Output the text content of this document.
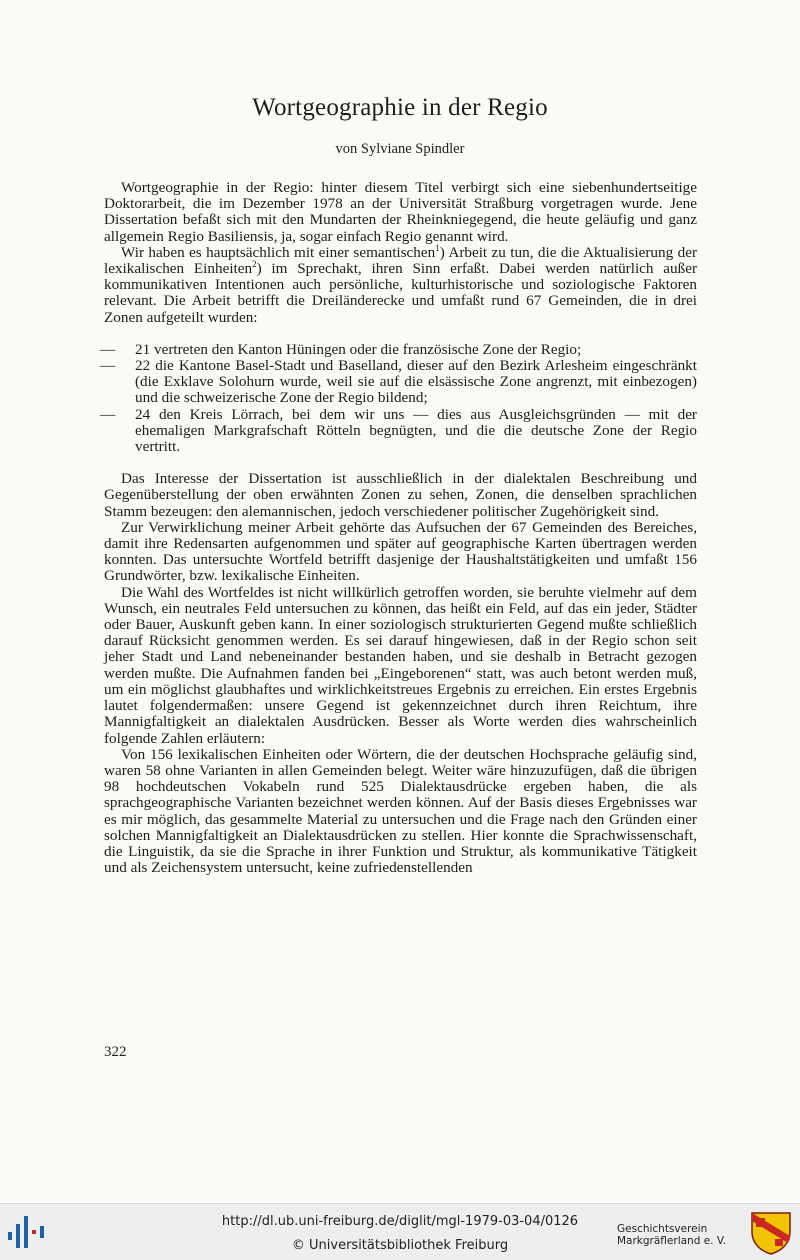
Wortgeographie in der Regio

von Sylviane Spindler

Wortgeographie in der Regio: hinter diesem Titel verbirgt sich eine siebenhundertseitige Doktorarbeit, die im Dezember 1978 an der Universität Straßburg vorgetragen wurde. Jene Dissertation befaßt sich mit den Mundarten der Rheinkniegegend, die heute geläufig und ganz allgemein Regio Basiliensis, ja, sogar einfach Regio genannt wird.

Wir haben es hauptsächlich mit einer semantischen$^1$) Arbeit zu tun, die die Aktualisierung der lexikalischen Einheiten$^2$) im Sprechakt, ihren Sinn erfaßt. Dabei werden natürlich außer kommunikativen Intentionen auch persönliche, kulturhistorische und soziologische Faktoren relevant. Die Arbeit betrifft die Dreiländerecke und umfaßt rund 67 Gemeinden, die in drei Zonen aufgeteilt wurden:

— 21 vertreten den Kanton Hüningen oder die französische Zone der Regio;
— 22 die Kantone Basel-Stadt und Baselland, dieser auf den Bezirk Arlesheim eingeschränkt (die Exklave Solohurn wurde, weil sie auf die elsässische Zone angrenzt, mit einbezogen) und die schweizerische Zone der Regio bildend;
— 24 den Kreis Lörrach, bei dem wir uns — dies aus Ausgleichsgründen — mit der ehemaligen Markgrafschaft Rötteln begnügten, und die die deutsche Zone der Regio vertritt.

Das Interesse der Dissertation ist ausschließlich in der dialektalen Beschreibung und Gegenüberstellung der oben erwähnten Zonen zu sehen, Zonen, die denselben sprachlichen Stamm bezeugen: den alemannischen, jedoch verschiedener politischer Zugehörigkeit sind.

Zur Verwirklichung meiner Arbeit gehörte das Aufsuchen der 67 Gemeinden des Bereiches, damit ihre Redensarten aufgenommen und später auf geographische Karten übertragen werden konnten. Das untersuchte Wortfeld betrifft dasjenige der Haushaltstätigkeiten und umfaßt 156 Grundwörter, bzw. lexikalische Einheiten.

Die Wahl des Wortfeldes ist nicht willkürlich getroffen worden, sie beruhte vielmehr auf dem Wunsch, ein neutrales Feld untersuchen zu können, das heißt ein Feld, auf das ein jeder, Städter oder Bauer, Auskunft geben kann. In einer soziologisch strukturierten Gegend mußte schließlich darauf Rücksicht genommen werden. Es sei darauf hingewiesen, daß in der Regio schon seit jeher Stadt und Land nebeneinander bestanden haben, und sie deshalb in Betracht gezogen werden mußte. Die Aufnahmen fanden bei „Eingeborenen“ statt, was auch betont werden muß, um ein möglichst glaubhaftes und wirklichkeitstreues Ergebnis zu erreichen. Ein erstes Ergebnis lautet folgendermaßen: unsere Gegend ist gekennzeichnet durch ihren Reichtum, ihre Mannigfaltigkeit an dialektalen Ausdrücken. Besser als Worte werden dies wahrscheinlich folgende Zahlen erläutern:

Von 156 lexikalischen Einheiten oder Wörtern, die der deutschen Hochsprache geläufig sind, waren 58 ohne Varianten in allen Gemeinden belegt. Weiter wäre hinzuzufügen, daß die übrigen 98 hochdeutschen Vokabeln rund 525 Dialektausdrücke ergeben haben, die als sprachgeographische Varianten bezeichnet werden können. Auf der Basis dieses Ergebnisses war es mir möglich, das gesammelte Material zu untersuchen und die Frage nach den Gründen einer solchen Mannigfaltigkeit an Dialektausdrücken zu stellen. Hier konnte die Sprachwissenschaft, die Linguistik, da sie die Sprache in ihrer Funktion und Struktur, als kommunikative Tätigkeit und als Zeichensystem untersucht, keine zufriedenstellenden

322

http://dl.ub.uni-freiburg.de/diglit/mgl-1979-03-04/0126

© Universitätsbibliothek Freiburg

Geschichtsverein
Markgräflerland e. V.
